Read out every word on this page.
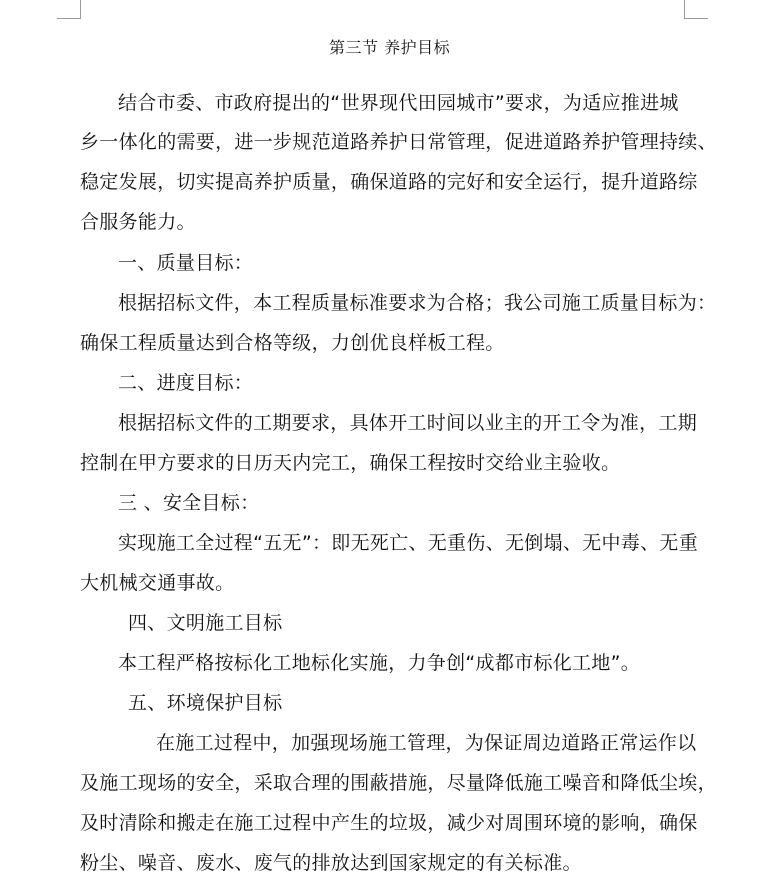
第三节 养护目标
结合市委、市政府提出的“世界现代田园城市”要求，为适应推进城
乡一体化的需要，进一步规范道路养护日常管理，促进道路养护管理持续、
稳定发展，切实提高养护质量，确保道路的完好和安全运行，提升道路综
合服务能力。
一、质量目标：
根据招标文件，本工程质量标准要求为合格；我公司施工质量目标为：
确保工程质量达到合格等级，力创优良样板工程。
二、进度目标：
根据招标文件的工期要求，具体开工时间以业主的开工令为准，工期
控制在甲方要求的日历天内完工，确保工程按时交给业主验收。
三 、安全目标：
实现施工全过程“五无”：即无死亡、无重伤、无倒塌、无中毒、无重
大机械交通事故。
四、文明施工目标
本工程严格按标化工地标化实施，力争创“成都市标化工地”。
五、环境保护目标
在施工过程中，加强现场施工管理，为保证周边道路正常运作以
及施工现场的安全，采取合理的围蔽措施，尽量降低施工噪音和降低尘埃，
及时清除和搬走在施工过程中产生的垃圾，减少对周围环境的影响，确保
粉尘、噪音、废水、废气的排放达到国家规定的有关标准。
